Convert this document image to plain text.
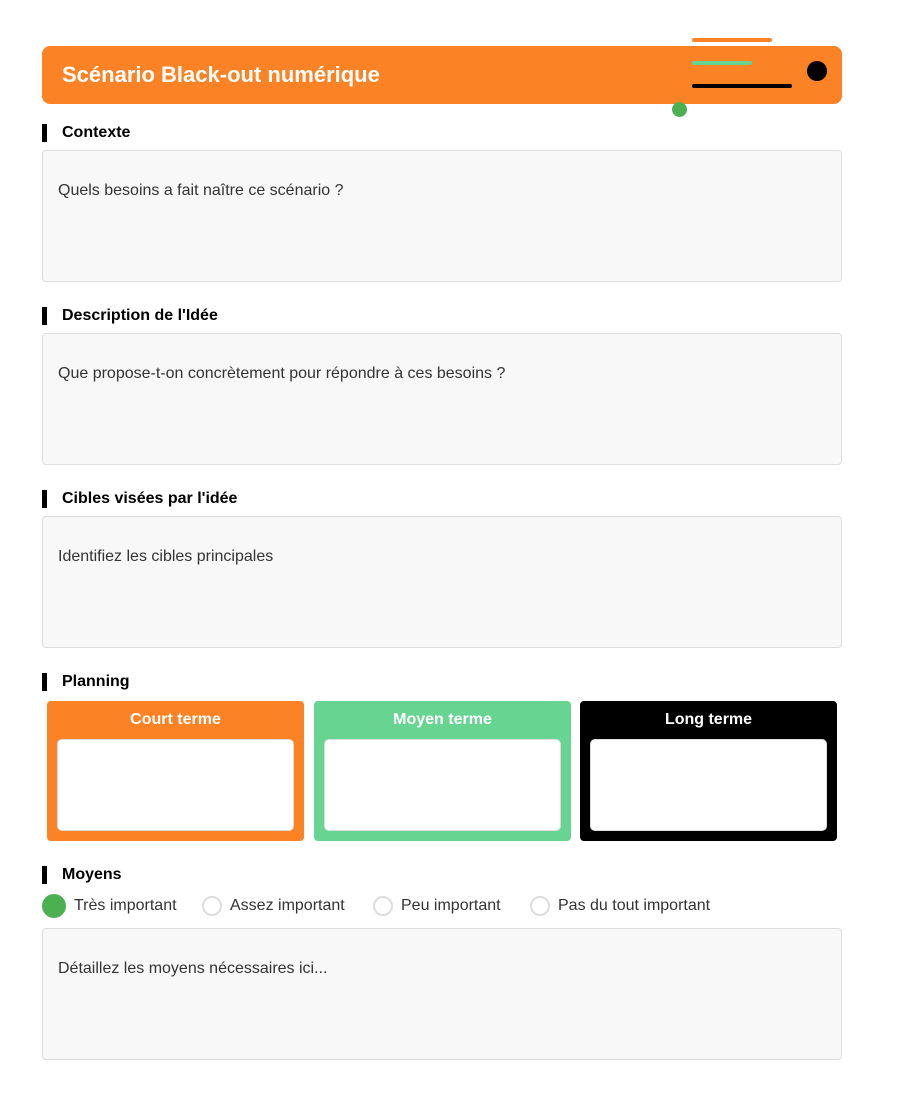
Scénario Black-out numérique
Contexte
Quels besoins a fait naître ce scénario ?
Description de l'Idée
Que propose-t-on concrètement pour répondre à ces besoins ?
Cibles visées par l'idée
Identifiez les cibles principales
Planning
Court terme	Moyen terme	Long terme
Moyens
Très important	Assez important	Peu important	Pas du tout important
Détaillez les moyens nécessaires ici...
